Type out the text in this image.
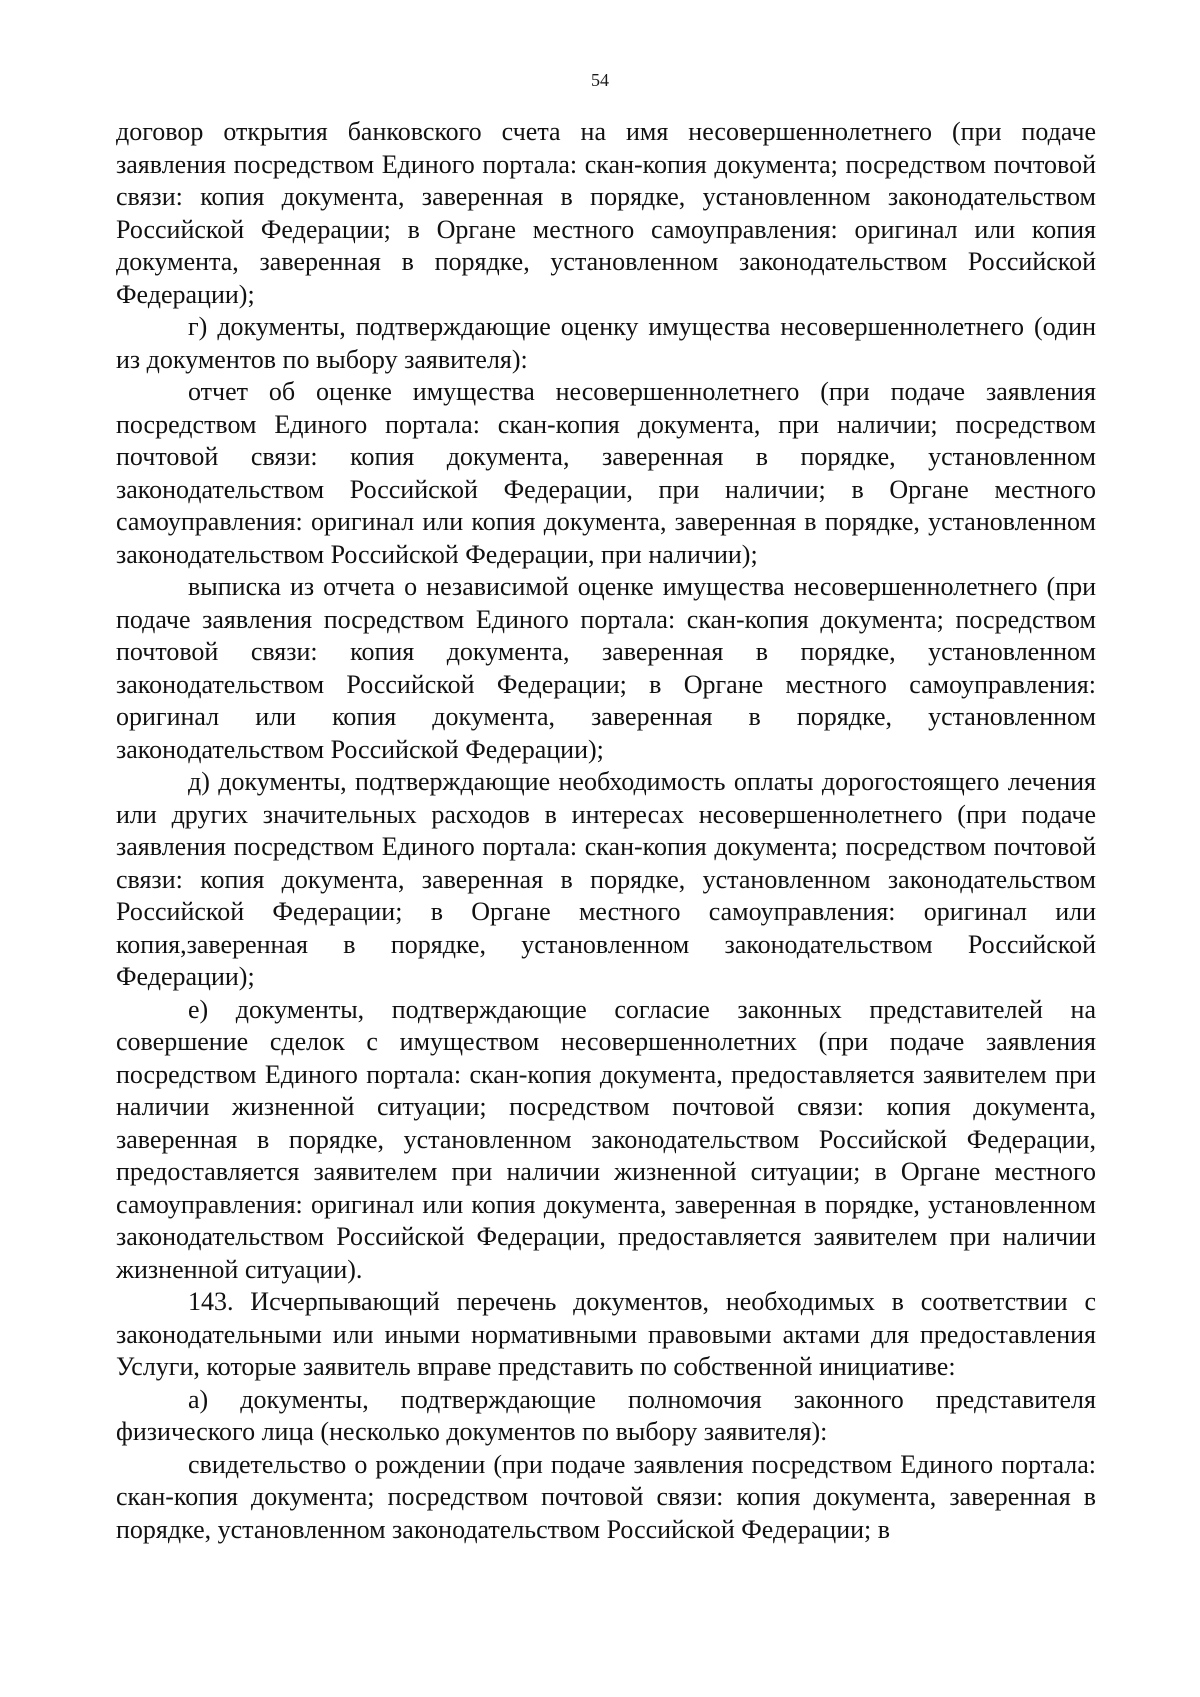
54

договор открытия банковского счета на имя несовершеннолетнего (при подаче заявления посредством Единого портала: скан-копия документа; посредством почтовой связи: копия документа, заверенная в порядке, установленном законодательством Российской Федерации; в Органе местного самоуправления: оригинал или копия документа, заверенная в порядке, установленном законодательством Российской Федерации);

г) документы, подтверждающие оценку имущества несовершеннолетнего (один из документов по выбору заявителя):

отчет об оценке имущества несовершеннолетнего (при подаче заявления посредством Единого портала: скан-копия документа, при наличии; посредством почтовой связи: копия документа, заверенная в порядке, установленном законодательством Российской Федерации, при наличии; в Органе местного самоуправления: оригинал или копия документа, заверенная в порядке, установленном законодательством Российской Федерации, при наличии);

выписка из отчета о независимой оценке имущества несовершеннолетнего (при подаче заявления посредством Единого портала: скан-копия документа; посредством почтовой связи: копия документа, заверенная в порядке, установленном законодательством Российской Федерации; в Органе местного самоуправления: оригинал или копия документа, заверенная в порядке, установленном законодательством Российской Федерации);

д) документы, подтверждающие необходимость оплаты дорогостоящего лечения или других значительных расходов в интересах несовершеннолетнего (при подаче заявления посредством Единого портала: скан-копия документа; посредством почтовой связи: копия документа, заверенная в порядке, установленном законодательством Российской Федерации; в Органе местного самоуправления: оригинал или копия,заверенная в порядке, установленном законодательством Российской Федерации);

е) документы, подтверждающие согласие законных представителей на совершение сделок с имуществом несовершеннолетних (при подаче заявления посредством Единого портала: скан-копия документа, предоставляется заявителем при наличии жизненной ситуации; посредством почтовой связи: копия документа, заверенная в порядке, установленном законодательством Российской Федерации, предоставляется заявителем при наличии жизненной ситуации; в Органе местного самоуправления: оригинал или копия документа, заверенная в порядке, установленном законодательством Российской Федерации, предоставляется заявителем при наличии жизненной ситуации).

143. Исчерпывающий перечень документов, необходимых в соответствии с законодательными или иными нормативными правовыми актами для предоставления Услуги, которые заявитель вправе представить по собственной инициативе:

а) документы, подтверждающие полномочия законного представителя физического лица (несколько документов по выбору заявителя):

свидетельство о рождении (при подаче заявления посредством Единого портала: скан-копия документа; посредством почтовой связи: копия документа, заверенная в порядке, установленном законодательством Российской Федерации; в
